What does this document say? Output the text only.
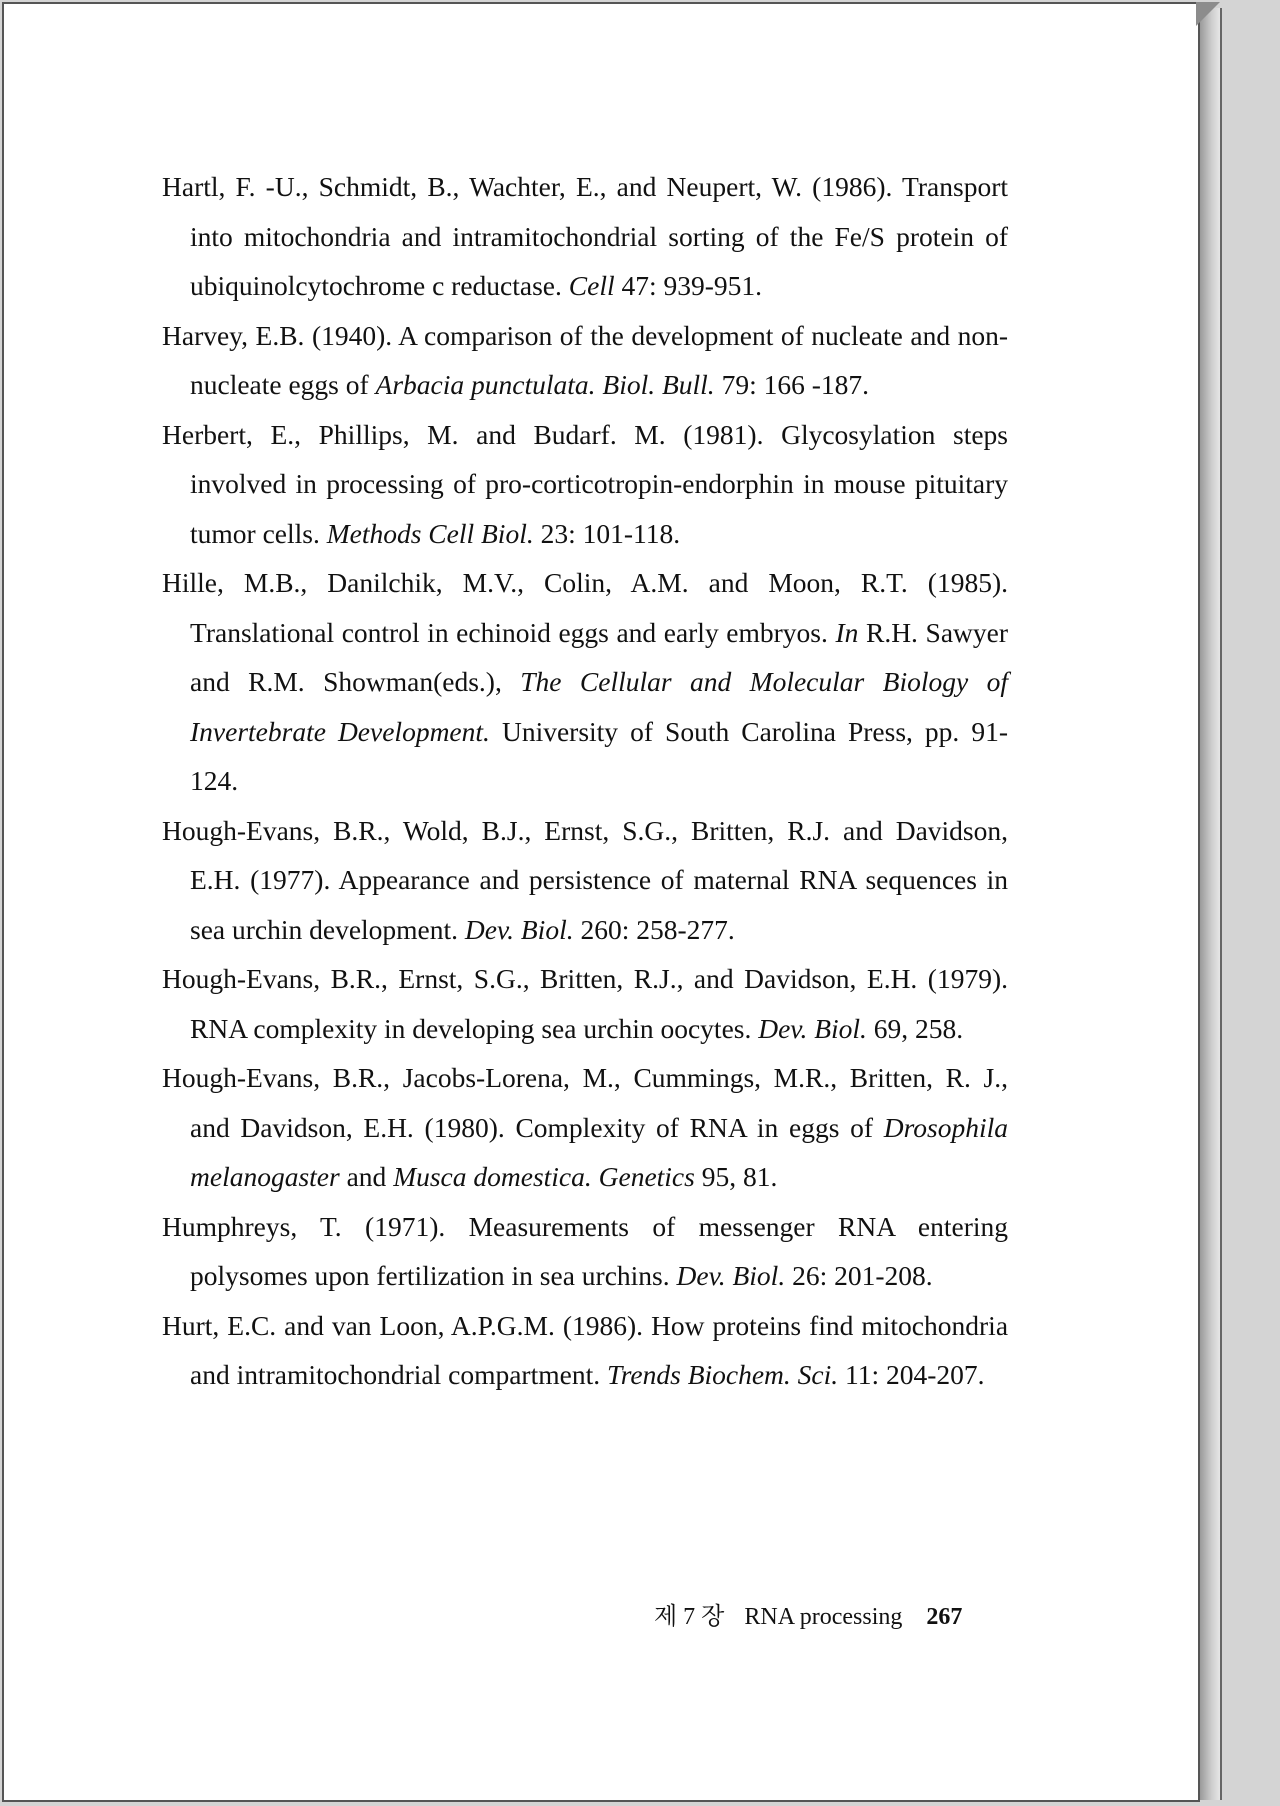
Hartl, F. -U., Schmidt, B., Wachter, E., and Neupert, W. (1986). Transport into mitochondria and intramitochondrial sorting of the Fe/S protein of ubiquinolcytochrome c reductase. Cell 47: 939-951.
Harvey, E.B. (1940). A comparison of the development of nucleate and non-nucleate eggs of Arbacia punctulata. Biol. Bull. 79: 166 -187.
Herbert, E., Phillips, M. and Budarf. M. (1981). Glycosylation steps involved in processing of pro-corticotropin-endorphin in mouse pituitary tumor cells. Methods Cell Biol. 23: 101-118.
Hille, M.B., Danilchik, M.V., Colin, A.M. and Moon, R.T. (1985). Translational control in echinoid eggs and early embryos. In R.H. Sawyer and R.M. Showman(eds.), The Cellular and Molecular Biology of Invertebrate Development. University of South Carolina Press, pp. 91-124.
Hough-Evans, B.R., Wold, B.J., Ernst, S.G., Britten, R.J. and Davidson, E.H. (1977). Appearance and persistence of maternal RNA sequences in sea urchin development. Dev. Biol. 260: 258-277.
Hough-Evans, B.R., Ernst, S.G., Britten, R.J., and Davidson, E.H. (1979). RNA complexity in developing sea urchin oocytes. Dev. Biol. 69, 258.
Hough-Evans, B.R., Jacobs-Lorena, M., Cummings, M.R., Britten, R. J., and Davidson, E.H. (1980). Complexity of RNA in eggs of Drosophila melanogaster and Musca domestica. Genetics 95, 81.
Humphreys, T. (1971). Measurements of messenger RNA entering polysomes upon fertilization in sea urchins. Dev. Biol. 26: 201-208.
Hurt, E.C. and van Loon, A.P.G.M. (1986). How proteins find mitochondria and intramitochondrial compartment. Trends Biochem. Sci. 11: 204-207.
제 7 장 RNA processing 267
